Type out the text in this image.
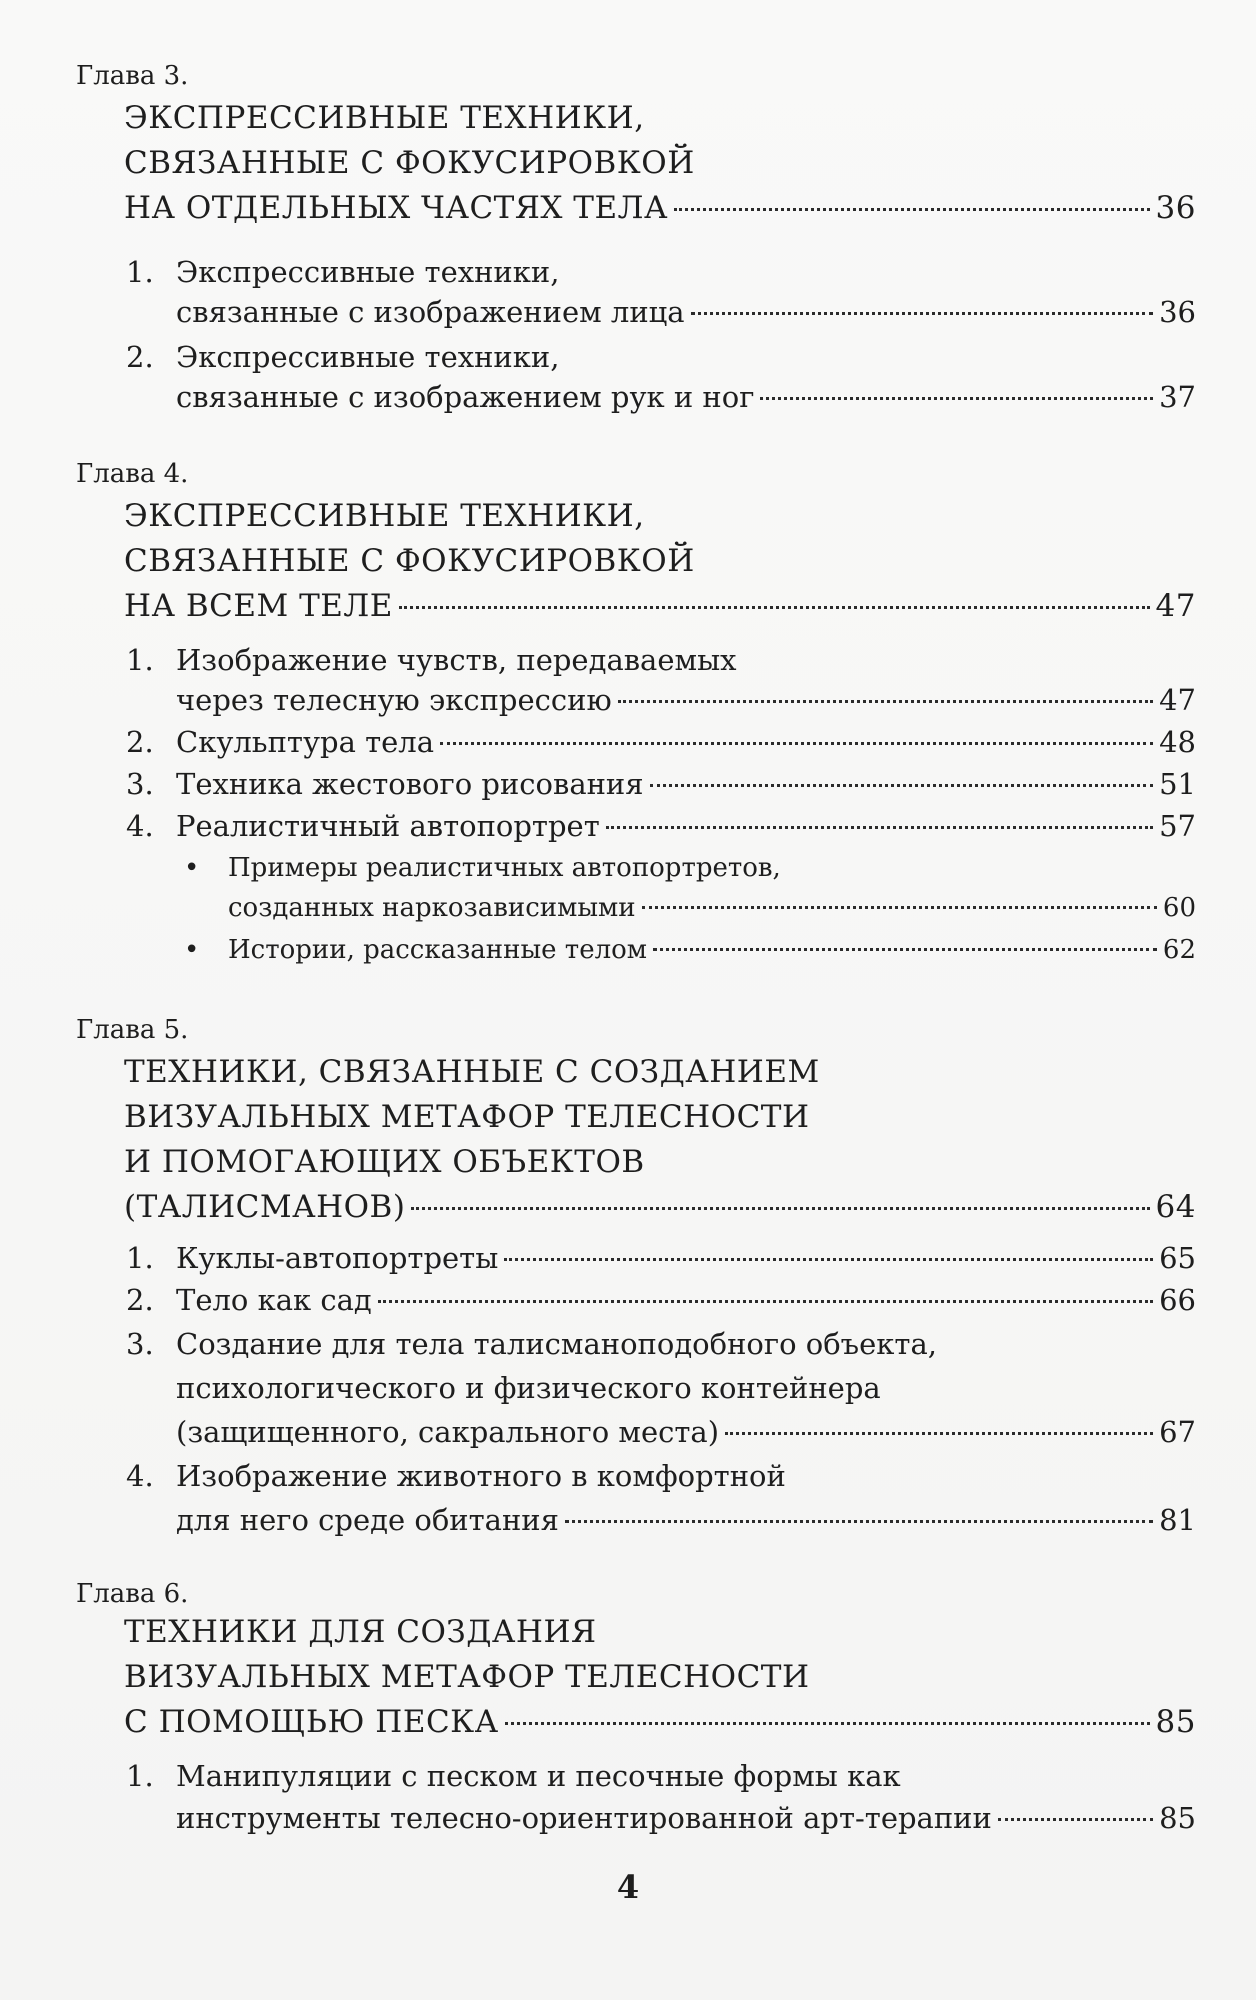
Глава 3.
ЭКСПРЕССИВНЫЕ ТЕХНИКИ,
СВЯЗАННЫЕ С ФОКУСИРОВКОЙ
НА ОТДЕЛЬНЫХ ЧАСТЯХ ТЕЛА	36
1. Экспрессивные техники,
связанные с изображением лица	36
2. Экспрессивные техники,
связанные с изображением рук и ног	37
Глава 4.
ЭКСПРЕССИВНЫЕ ТЕХНИКИ,
СВЯЗАННЫЕ С ФОКУСИРОВКОЙ
НА ВСЕМ ТЕЛЕ	47
1. Изображение чувств, передаваемых
через телесную экспрессию	47
2. Скульптура тела	48
3. Техника жестового рисования	51
4. Реалистичный автопортрет	57
• Примеры реалистичных автопортретов,
созданных наркозависимыми	60
• Истории, рассказанные телом	62
Глава 5.
ТЕХНИКИ, СВЯЗАННЫЕ С СОЗДАНИЕМ
ВИЗУАЛЬНЫХ МЕТАФОР ТЕЛЕСНОСТИ
И ПОМОГАЮЩИХ ОБЪЕКТОВ
(ТАЛИСМАНОВ)	64
1. Куклы-автопортреты	65
2. Тело как сад	66
3. Создание для тела талисманоподобного объекта,
психологического и физического контейнера
(защищенного, сакрального места)	67
4. Изображение животного в комфортной
для него среде обитания	81
Глава 6.
ТЕХНИКИ ДЛЯ СОЗДАНИЯ
ВИЗУАЛЬНЫХ МЕТАФОР ТЕЛЕСНОСТИ
С ПОМОЩЬЮ ПЕСКА	85
1. Манипуляции с песком и песочные формы как
инструменты телесно-ориентированной арт-терапии	85
4
